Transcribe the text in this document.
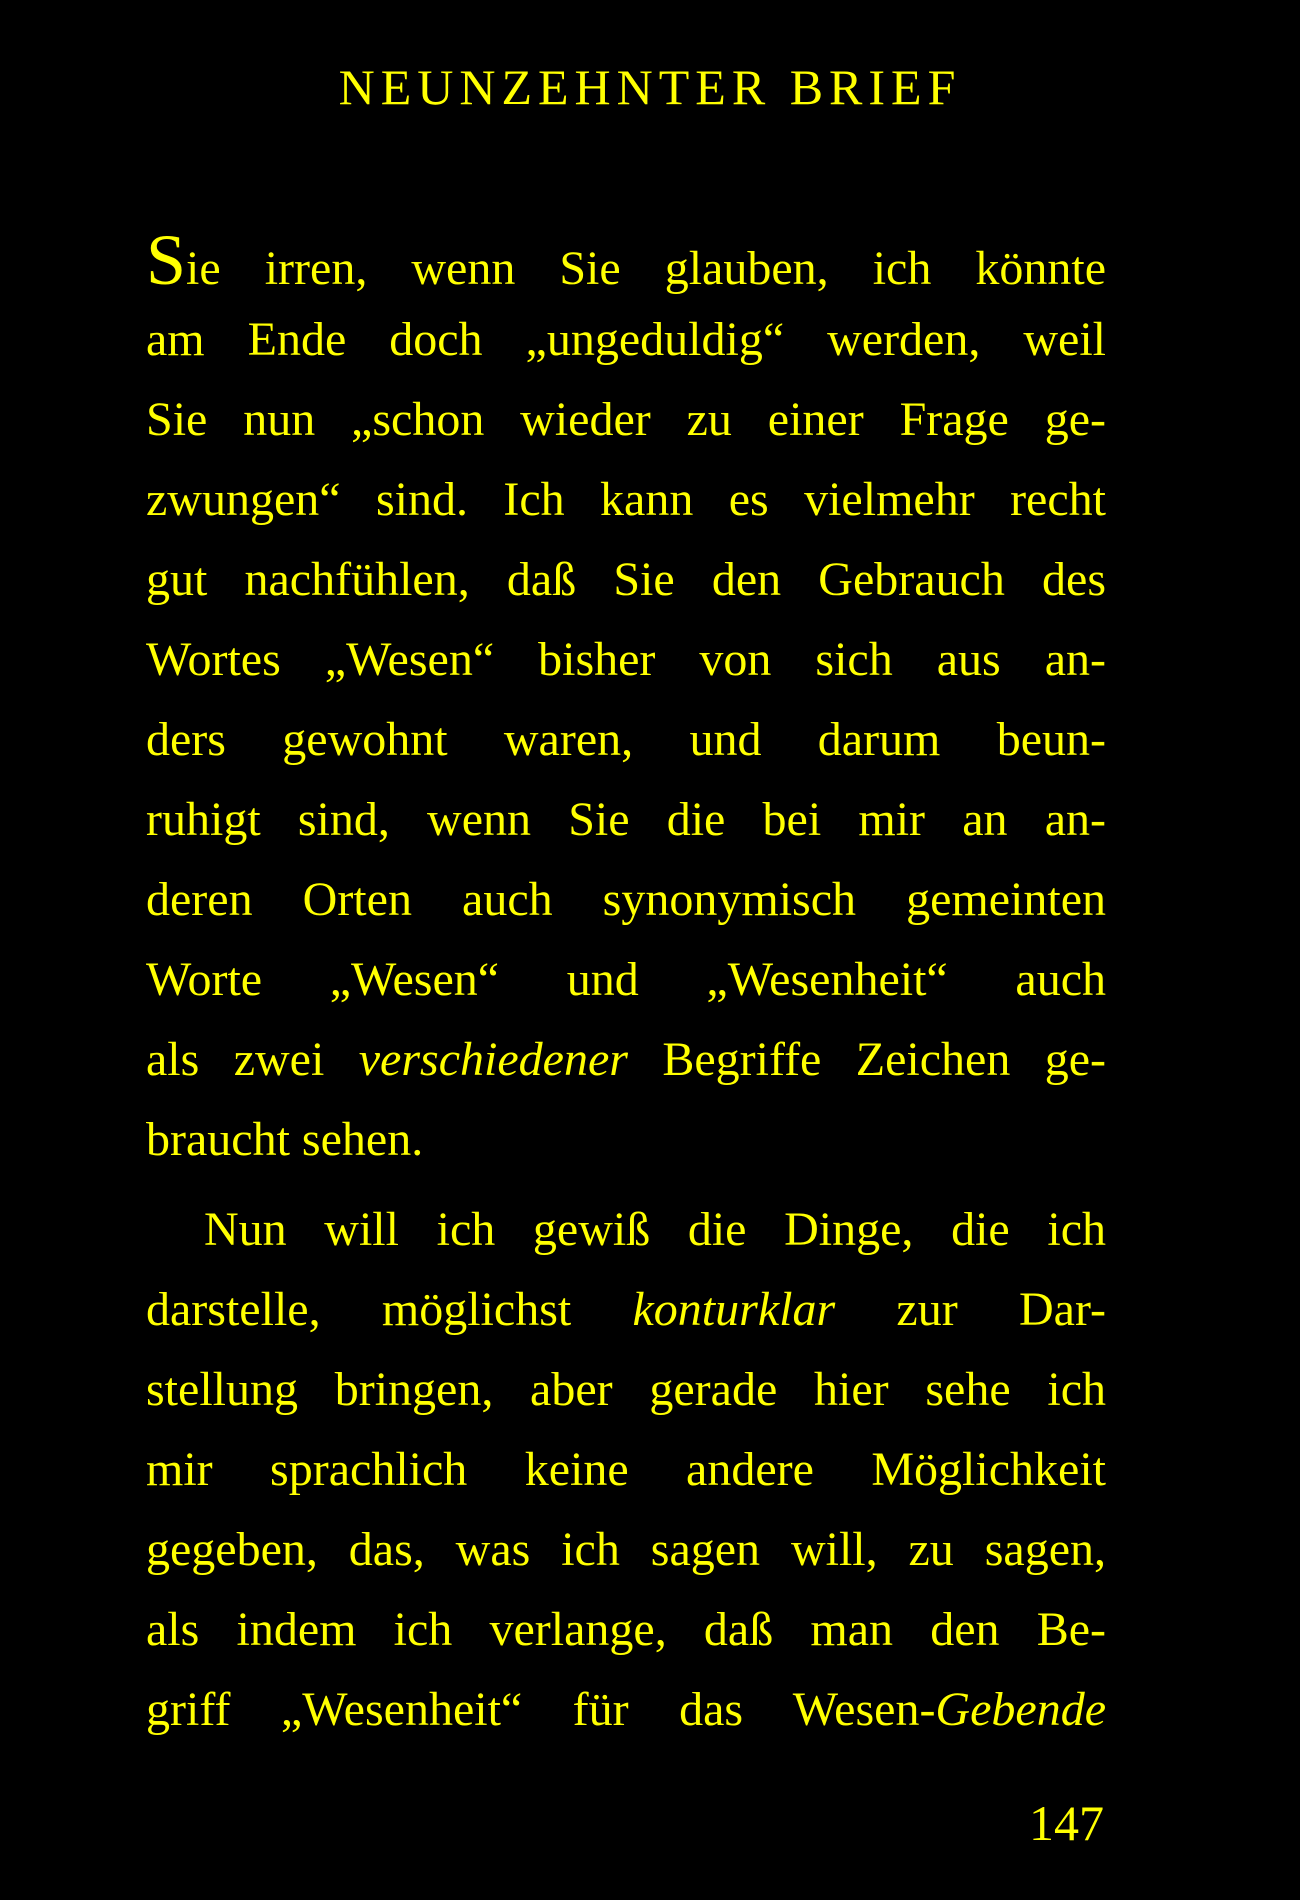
NEUNZEHNTER BRIEF
Sie irren, wenn Sie glauben, ich könnte
am Ende doch „ungeduldig“ werden, weil
Sie nun „schon wieder zu einer Frage ge-
zwungen“ sind. Ich kann es vielmehr recht
gut nachfühlen, daß Sie den Gebrauch des
Wortes „Wesen“ bisher von sich aus an-
ders gewohnt waren, und darum beun-
ruhigt sind, wenn Sie die bei mir an an-
deren Orten auch synonymisch gemeinten
Worte „Wesen“ und „Wesenheit“ auch
als zwei verschiedener Begriffe Zeichen ge-
braucht sehen.
Nun will ich gewiß die Dinge, die ich
darstelle, möglichst konturklar zur Dar-
stellung bringen, aber gerade hier sehe ich
mir sprachlich keine andere Möglichkeit
gegeben, das, was ich sagen will, zu sagen,
als indem ich verlange, daß man den Be-
griff „Wesenheit“ für das Wesen-Gebende
147
